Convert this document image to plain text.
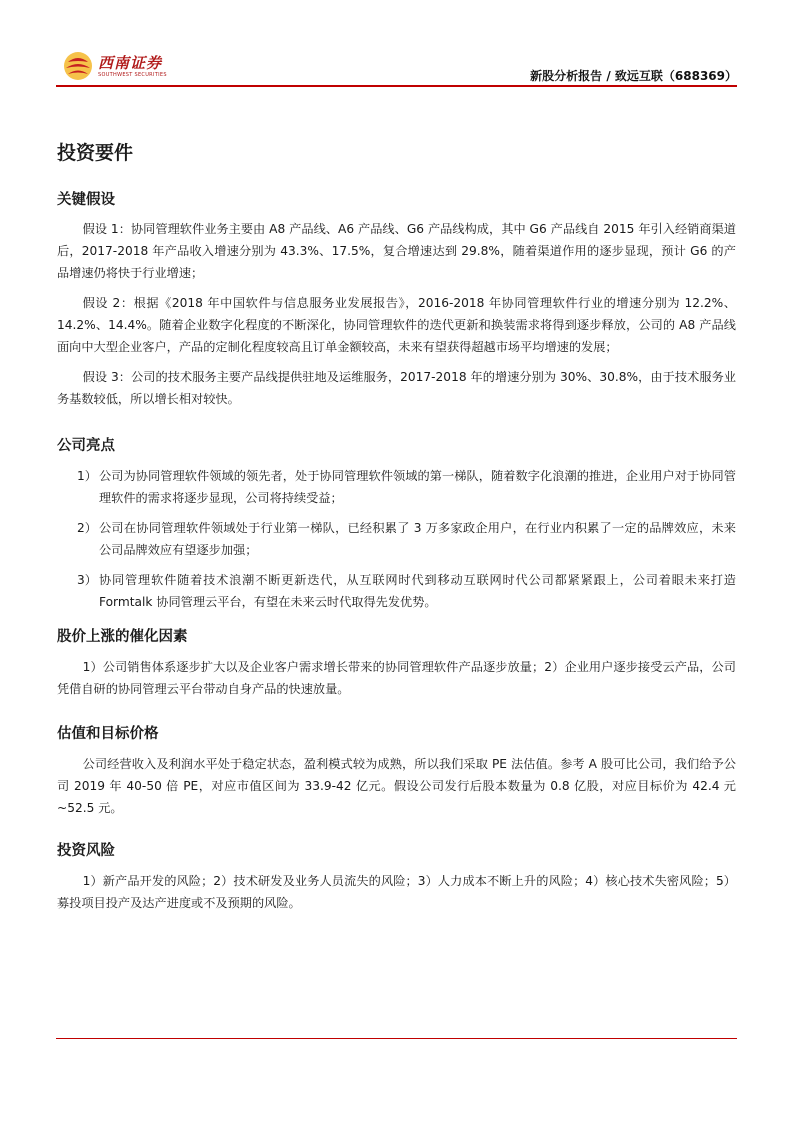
西南证券
SOUTHWEST SECURITIES	新股分析报告 / 致远互联（688369）
投资要件
关键假设

假设 1：协同管理软件业务主要由 A8 产品线、A6 产品线、G6 产品线构成，其中 G6 产品线自 2015 年引入经销商渠道后，2017-2018 年产品收入增速分别为 43.3%、17.5%，复合增速达到 29.8%，随着渠道作用的逐步显现，预计 G6 的产品增速仍将快于行业增速；

假设 2：根据《2018 年中国软件与信息服务业发展报告》，2016-2018 年协同管理软件行业的增速分别为 12.2%、14.2%、14.4%。随着企业数字化程度的不断深化，协同管理软件的迭代更新和换装需求将得到逐步释放，公司的 A8 产品线面向中大型企业客户，产品的定制化程度较高且订单金额较高，未来有望获得超越市场平均增速的发展；

假设 3：公司的技术服务主要产品线提供驻地及运维服务，2017-2018 年的增速分别为 30%、30.8%，由于技术服务业务基数较低，所以增长相对较快。

公司亮点
1） 公司为协同管理软件领域的领先者，处于协同管理软件领域的第一梯队，随着数字化浪潮的推进，企业用户对于协同管理软件的需求将逐步显现，公司将持续受益；
2） 公司在协同管理软件领域处于行业第一梯队，已经积累了 3 万多家政企用户，在行业内积累了一定的品牌效应，未来公司品牌效应有望逐步加强；
3） 协同管理软件随着技术浪潮不断更新迭代，从互联网时代到移动互联网时代公司都紧紧跟上，公司着眼未来打造 Formtalk 协同管理云平台，有望在未来云时代取得先发优势。
股价上涨的催化因素

1）公司销售体系逐步扩大以及企业客户需求增长带来的协同管理软件产品逐步放量；2）企业用户逐步接受云产品，公司凭借自研的协同管理云平台带动自身产品的快速放量。

估值和目标价格

公司经营收入及利润水平处于稳定状态，盈利模式较为成熟，所以我们采取 PE 法估值。参考 A 股可比公司，我们给予公司 2019 年 40-50 倍 PE，对应市值区间为 33.9-42 亿元。假设公司发行后股本数量为 0.8 亿股，对应目标价为 42.4 元~52.5 元。

投资风险

1）新产品开发的风险；2）技术研发及业务人员流失的风险；3）人力成本不断上升的风险；4）核心技术失密风险；5）募投项目投产及达产进度或不及预期的风险。
